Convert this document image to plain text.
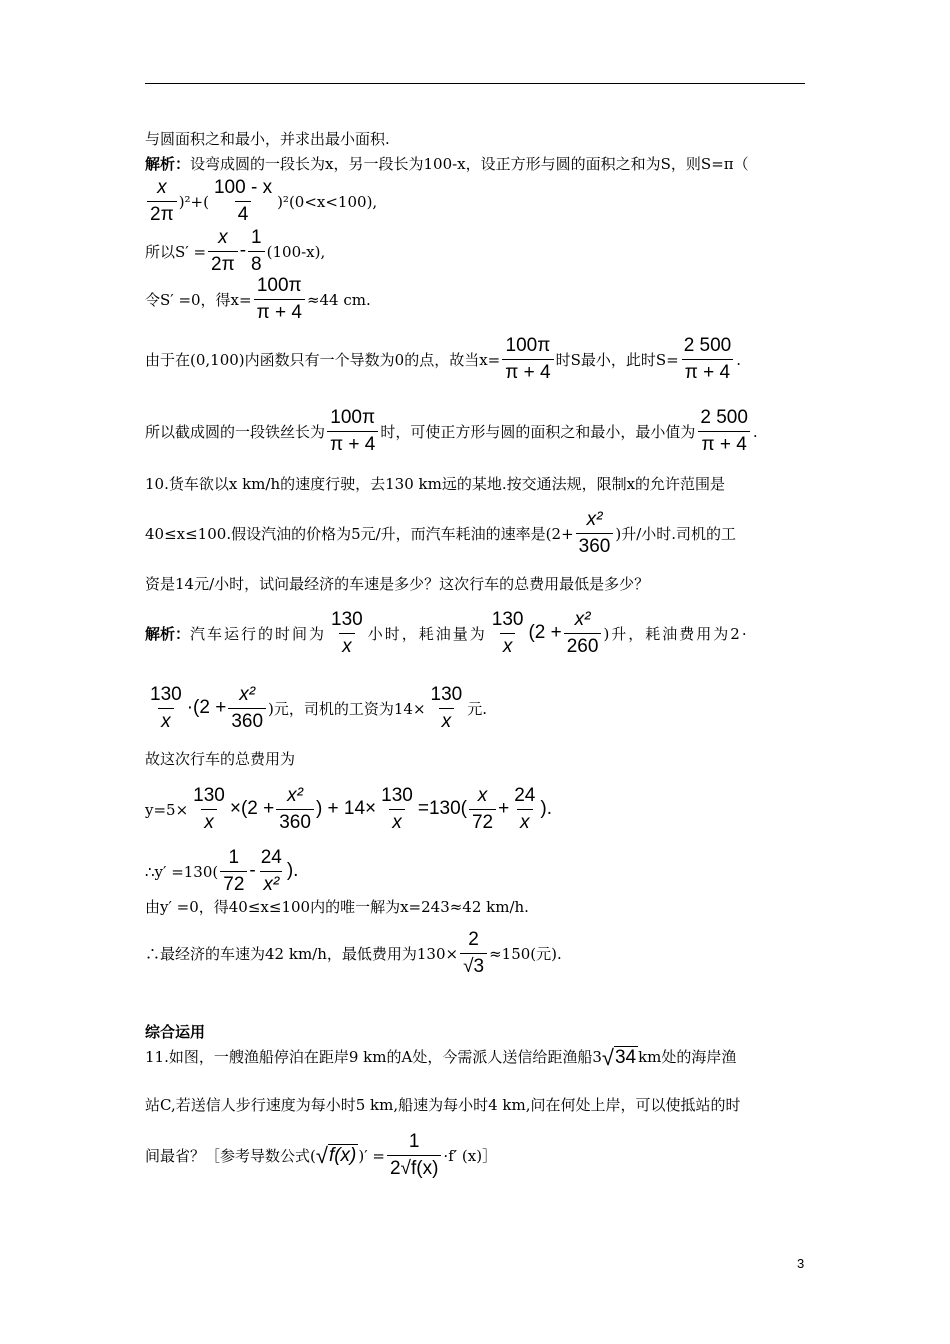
与圆面积之和最小，并求出最小面积.
解析： 设弯成圆的一段长为x，另一段长为100-x，设正方形与圆的面积之和为S，则S=π（
$\frac{x}{2\pi} )^2+( \frac{100 - x}{4} )^2(0<x<100)$,
所以$S' = \frac{x}{2\pi} - \frac{1}{8} (100-x)$,
令S′ =0，得$x= \frac{100\pi}{\pi + 4} \approx 44$ cm.
由于在(0,100)内函数只有一个导数为0的点，故当$x= \frac{100\pi}{\pi + 4}$ 时S最小，此时$S= \frac{2 500}{\pi + 4}$ .
所以截成圆的一段铁丝长为 $\frac{100\pi}{\pi + 4}$ 时，可使正方形与圆的面积之和最小，最小值为 $\frac{2 500}{\pi + 4}$ .
10.货车欲以x km/h的速度行驶，去130 km远的某地.按交通法规，限制x的允许范围是
40≤x≤100.假设汽油的价格为5元/升，而汽车耗油的速率是($2+ \frac{\text{x²}}{360}$ )升/小时.司机的工
资是14元/小时，试问最经济的车速是多少？这次行车的总费用最低是多少？
解析： 汽车运行的时间为 $\frac{130}{x}$ 小时，耗油量为 $\frac{130}{x} (2 + \frac{\text{x²}}{260}$ )升，耗油费用为2·
$\frac{130}{x} \cdot(2 + \frac{\text{x²}}{360}$ )元，司机的工资为$14\times \frac{130}{x}$ 元.
故这次行车的总费用为
$y=5\times \frac{130}{x} \times(2 + \frac{\text{x²}}{360}$ ) + $14\times \frac{130}{x} =130( \frac{x}{72} + \frac{24}{x}$ ).
∴y′ $=130( \frac{1}{72} - \frac{24}{\text{x²}}$ ).
由y′ =0，得40≤x≤100内的唯一解为x=243≈42 km/h.
∴最经济的车速为42 km/h，最低费用为$130\times \frac{2}{√3} \approx 150$(元).
综合运用
11.如图，一艘渔船停泊在距岸9 km的A处，今需派人送信给距渔船3 √ 34 km处的海岸渔
站C,若送信人步行速度为每小时5 km,船速为每小时4 km,问在何处上岸，可以使抵站的时
间最省？［参考导数公式( √ f(x) )′ = $\frac{1}{2√f(x)} \cdot f'$ (x)］
3
